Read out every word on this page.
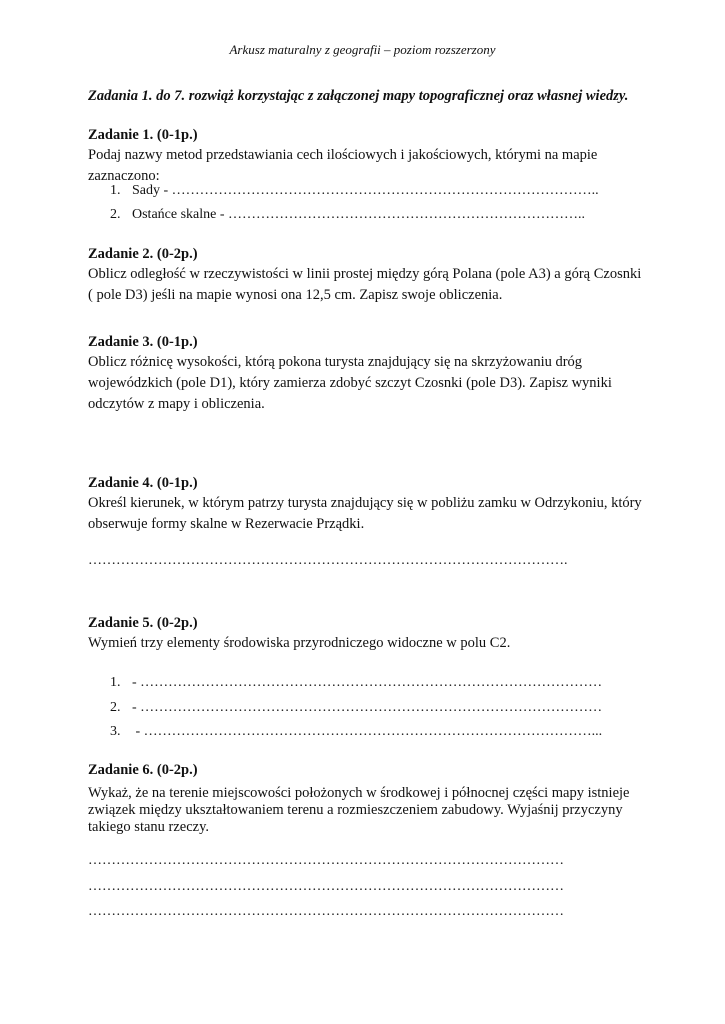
Arkusz maturalny z geografii – poziom rozszerzony
Zadania 1. do 7. rozwiąż korzystając z załączonej mapy topograficznej oraz własnej wiedzy.
Zadanie 1. (0-1p.)
Podaj nazwy metod przedstawiania cech ilościowych i jakościowych, którymi na mapie zaznaczono:
1. Sady - ………………………………………………………………………………..
2. Ostańce skalne - …………………………………………………………………..
Zadanie 2. (0-2p.)
Oblicz odległość w rzeczywistości w linii prostej między górą Polana (pole A3) a górą Czosnki ( pole D3) jeśli na mapie wynosi ona 12,5 cm. Zapisz swoje obliczenia.
Zadanie 3. (0-1p.)
Oblicz różnicę wysokości, którą pokona turysta znajdujący się na skrzyżowaniu dróg wojewódzkich (pole D1), który zamierza zdobyć szczyt Czosnki (pole D3). Zapisz wyniki odczytów z mapy i obliczenia.
Zadanie 4. (0-1p.)
Określ kierunek, w którym patrzy turysta znajdujący się w pobliżu zamku w Odrzykoniu, który obserwuje formy skalne w Rezerwacie Prządki.
………………………………………………………………………………………….
Zadanie 5. (0-2p.)
Wymień trzy elementy środowiska przyrodniczego widoczne w polu C2.
1. - ………………………………………………………………………………………
2. - ………………………………………………………………………………………
3. - ……………………………………………………………………………………...
Zadanie 6. (0-2p.)
Wykaż, że na terenie miejscowości położonych w środkowej i północnej części mapy istnieje związek między ukształtowaniem terenu a rozmieszczeniem zabudowy. Wyjaśnij przyczyny takiego stanu rzeczy.
…………………………………………………………………………………………
…………………………………………………………………………………………
…………………………………………………………………………………………
